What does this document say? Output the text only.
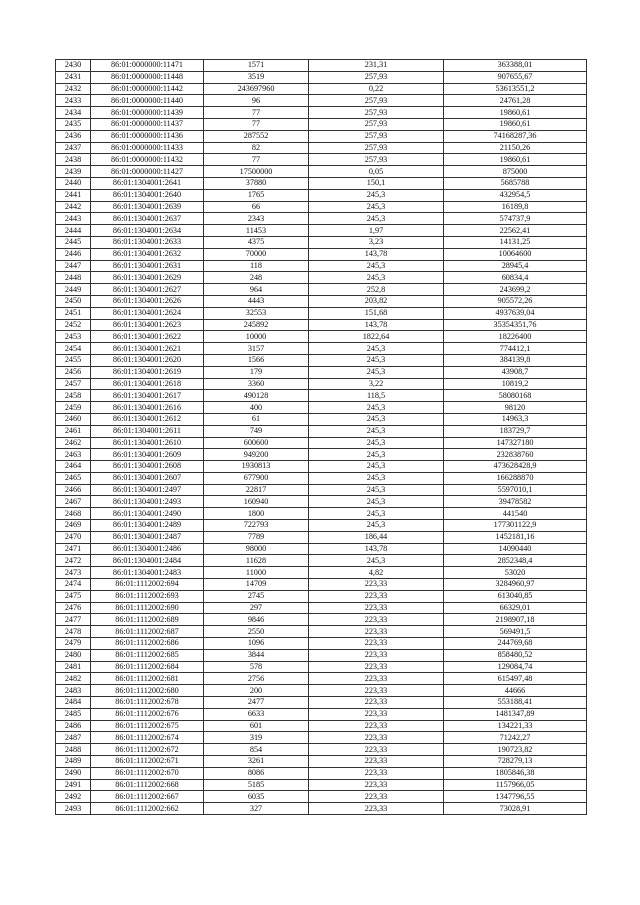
2430	86:01:0000000:11471	1571	231,31	363388,01
2431	86:01:0000000:11448	3519	257,93	907655,67
2432	86:01:0000000:11442	243697960	0,22	53613551,2
2433	86:01:0000000:11440	96	257,93	24761,28
2434	86:01:0000000:11439	77	257,93	19860,61
2435	86:01:0000000:11437	77	257,93	19860,61
2436	86:01:0000000:11436	287552	257,93	74168287,36
2437	86:01:0000000:11433	82	257,93	21150,26
2438	86:01:0000000:11432	77	257,93	19860,61
2439	86:01:0000000:11427	17500000	0,05	875000
2440	86:01:1304001:2641	37880	150,1	5685788
2441	86:01:1304001:2640	1765	245,3	432954,5
2442	86:01:1304001:2639	66	245,3	16189,8
2443	86:01:1304001:2637	2343	245,3	574737,9
2444	86:01:1304001:2634	11453	1,97	22562,41
2445	86:01:1304001:2633	4375	3,23	14131,25
2446	86:01:1304001:2632	70000	143,78	10064600
2447	86:01:1304001:2631	118	245,3	28945,4
2448	86:01:1304001:2629	248	245,3	60834,4
2449	86:01:1304001:2627	964	252,8	243699,2
2450	86:01:1304001:2626	4443	203,82	905572,26
2451	86:01:1304001:2624	32553	151,68	4937639,04
2452	86:01:1304001:2623	245892	143,78	35354351,76
2453	86:01:1304001:2622	10000	1822,64	18226400
2454	86:01:1304001:2621	3157	245,3	774412,1
2455	86:01:1304001:2620	1566	245,3	384139,8
2456	86:01:1304001:2619	179	245,3	43908,7
2457	86:01:1304001:2618	3360	3,22	10819,2
2458	86:01:1304001:2617	490128	118,5	58080168
2459	86:01:1304001:2616	400	245,3	98120
2460	86:01:1304001:2612	61	245,3	14963,3
2461	86:01:1304001:2611	749	245,3	183729,7
2462	86:01:1304001:2610	600600	245,3	147327180
2463	86:01:1304001:2609	949200	245,3	232838760
2464	86:01:1304001:2608	1930813	245,3	473628428,9
2465	86:01:1304001:2607	677900	245,3	166288870
2466	86:01:1304001:2497	22817	245,3	5597010,1
2467	86:01:1304001:2493	160940	245,3	39478582
2468	86:01:1304001:2490	1800	245,3	441540
2469	86:01:1304001:2489	722793	245,3	177301122,9
2470	86:01:1304001:2487	7789	186,44	1452181,16
2471	86:01:1304001:2486	98000	143,78	14090440
2472	86:01:1304001:2484	11628	245,3	2852348,4
2473	86:01:1304001:2483	11000	4,82	53020
2474	86:01:1112002:694	14709	223,33	3284960,97
2475	86:01:1112002:693	2745	223,33	613040,85
2476	86:01:1112002:690	297	223,33	66329,01
2477	86:01:1112002:689	9846	223,33	2198907,18
2478	86:01:1112002:687	2550	223,33	569491,5
2479	86:01:1112002:686	1096	223,33	244769,68
2480	86:01:1112002:685	3844	223,33	858480,52
2481	86:01:1112002:684	578	223,33	129084,74
2482	86:01:1112002:681	2756	223,33	615497,48
2483	86:01:1112002:680	200	223,33	44666
2484	86:01:1112002:678	2477	223,33	553188,41
2485	86:01:1112002:676	6633	223,33	1481347,89
2486	86:01:1112002:675	601	223,33	134221,33
2487	86:01:1112002:674	319	223,33	71242,27
2488	86:01:1112002:672	854	223,33	190723,82
2489	86:01:1112002:671	3261	223,33	728279,13
2490	86:01:1112002:670	8086	223,33	1805846,38
2491	86:01:1112002:668	5185	223,33	1157966,05
2492	86:01:1112002:667	6035	223,33	1347796,55
2493	86:01:1112002:662	327	223,33	73028,91
